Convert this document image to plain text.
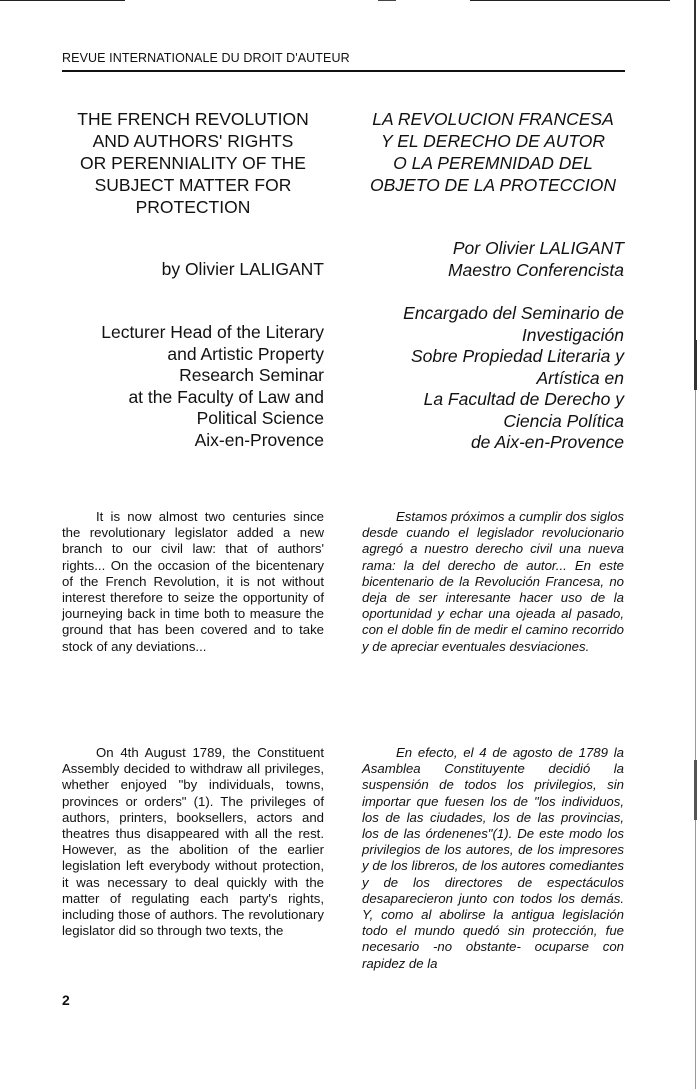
REVUE INTERNATIONALE DU DROIT D'AUTEUR
THE FRENCH REVOLUTION
AND AUTHORS' RIGHTS
OR PERENNIALITY OF THE
SUBJECT MATTER FOR
PROTECTION
LA REVOLUCION FRANCESA
Y EL DERECHO DE AUTOR
O LA PEREMNIDAD DEL
OBJETO DE LA PROTECCION
by Olivier LALIGANT
Por Olivier LALIGANT
Maestro Conferencista
Lecturer Head of the Literary
and Artistic Property
Research Seminar
at the Faculty of Law and
Political Science
Aix-en-Provence
Encargado del Seminario de
Investigación
Sobre Propiedad Literaria y
Artística en
La Facultad de Derecho y
Ciencia Política
de Aix-en-Provence

It is now almost two centuries since the revolutionary legislator added a new branch to our civil law: that of authors' rights... On the occasion of the bicentenary of the French Revolution, it is not without interest therefore to seize the opportunity of journeying back in time both to measure the ground that has been covered and to take stock of any deviations...

Estamos próximos a cumplir dos siglos desde cuando el legislador revolucionario agregó a nuestro derecho civil una nueva rama: la del derecho de autor... En este bicentenario de la Revolución Francesa, no deja de ser interesante hacer uso de la oportunidad y echar una ojeada al pasado, con el doble fin de medir el camino recorrido y de apreciar eventuales desviaciones.

On 4th August 1789, the Constituent Assembly decided to withdraw all privileges, whether enjoyed "by individuals, towns, provinces or orders" (1). The privileges of authors, printers, booksellers, actors and theatres thus disappeared with all the rest. However, as the abolition of the earlier legislation left everybody without protection, it was necessary to deal quickly with the matter of regulating each party's rights, including those of authors. The revolutionary legislator did so through two texts, the

En efecto, el 4 de agosto de 1789 la Asamblea Constituyente decidió la suspensión de todos los privilegios, sin importar que fuesen los de "los individuos, los de las ciudades, los de las provincias, los de las órdenenes"(1). De este modo los privilegios de los autores, de los impresores y de los libreros, de los autores comediantes y de los directores de espectáculos desaparecieron junto con todos los demás. Y, como al abolirse la antigua legislación todo el mundo quedó sin protección, fue necesario -no obstante- ocuparse con rapidez de la

2
